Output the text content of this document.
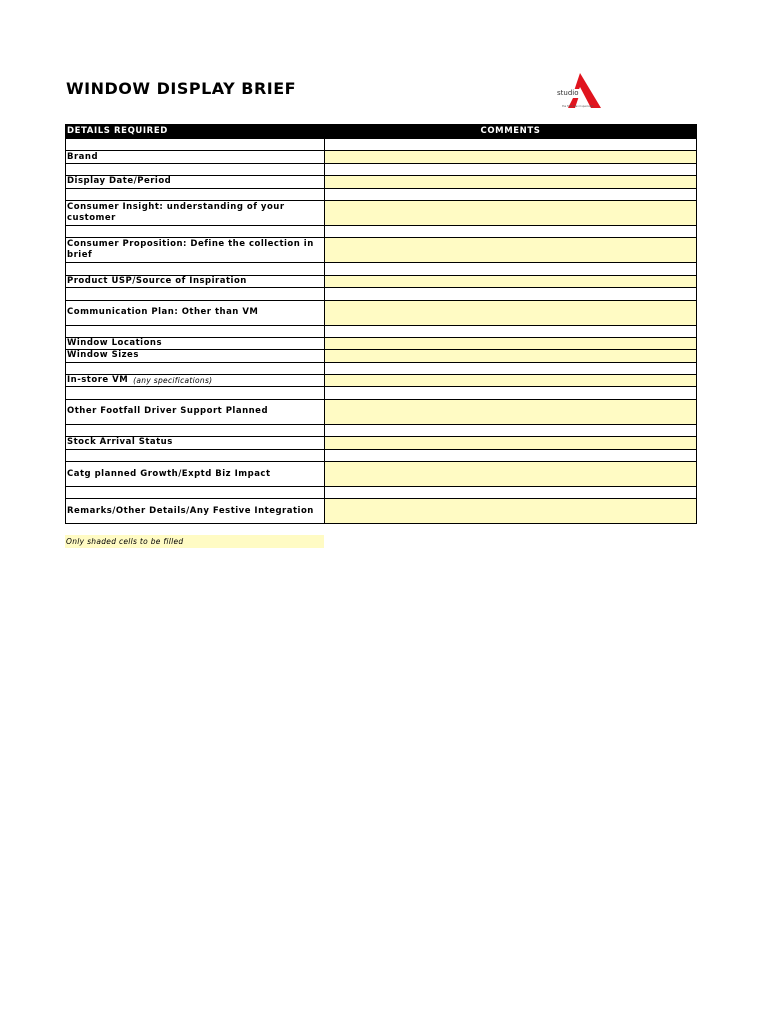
WINDOW DISPLAY BRIEF	studio
the first brand specialist
DETAILS REQUIRED	COMMENTS
Brand
Display Date/Period
Consumer Insight: understanding of your customer
Consumer Proposition: Define the collection in brief
Product USP/Source of Inspiration
Communication Plan: Other than VM
Window Locations
Window Sizes
In-store VM (any specifications)
Other Footfall Driver Support Planned
Stock Arrival Status
Catg planned Growth/Exptd Biz Impact
Remarks/Other Details/Any Festive Integration
Only shaded cells to be filled
